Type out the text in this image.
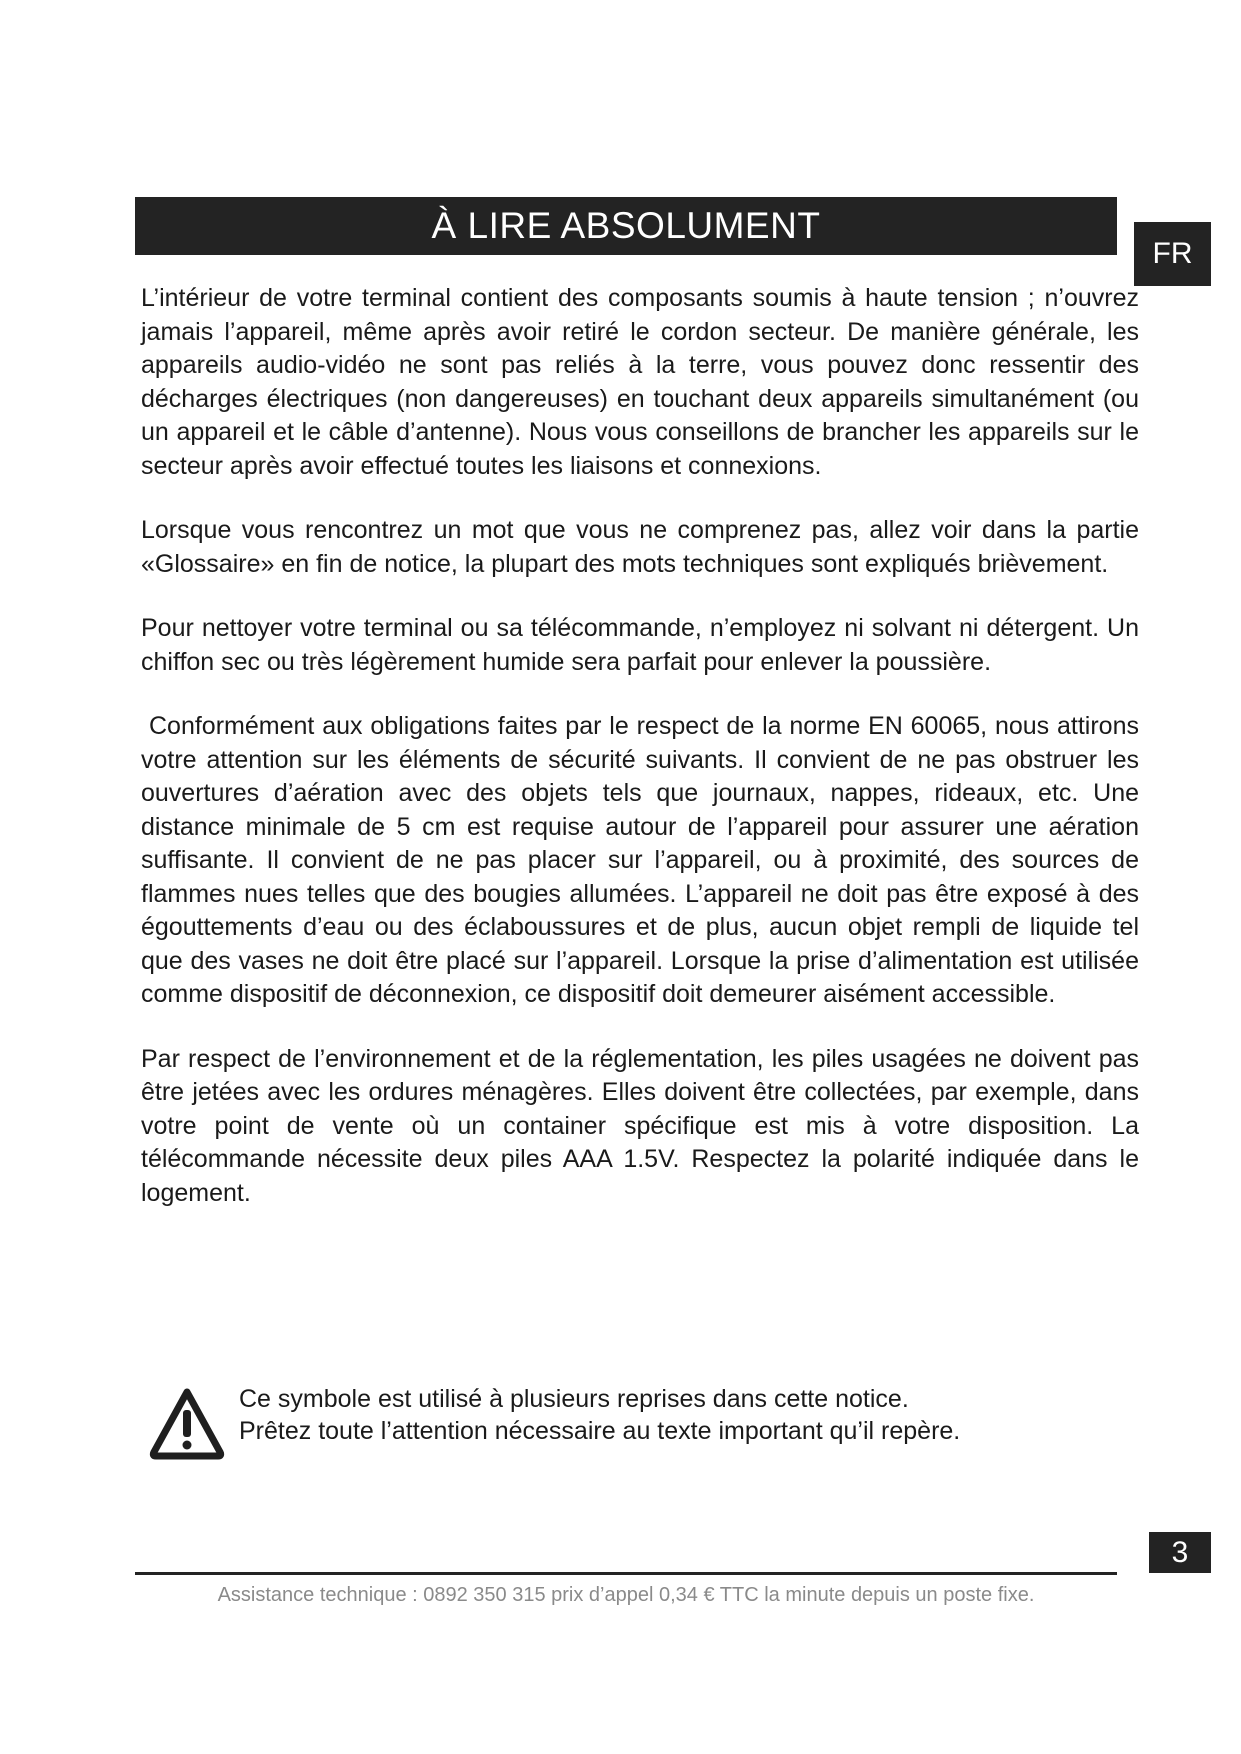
À LIRE ABSOLUMENT
FR

L’intérieur de votre terminal contient des composants soumis à haute tension ; n’ouvrez jamais l’appareil, même après avoir retiré le cordon secteur. De manière générale, les appareils audio-vidéo ne sont pas reliés à la terre, vous pouvez donc ressentir des décharges électriques (non dangereuses) en touchant deux appareils simultanément (ou un appareil et le câble d’antenne). Nous vous conseillons de brancher les appareils sur le secteur après avoir effectué toutes les liaisons et connexions.

Lorsque vous rencontrez un mot que vous ne comprenez pas, allez voir dans la partie «Glossaire» en fin de notice, la plupart des mots techniques sont expliqués brièvement.

Pour nettoyer votre terminal ou sa télécommande, n’employez ni solvant ni détergent. Un chiffon sec ou très légèrement humide sera parfait pour enlever la poussière.

Conformément aux obligations faites par le respect de la norme EN 60065, nous attirons votre attention sur les éléments de sécurité suivants. Il convient de ne pas obstruer les ouvertures d’aération avec des objets tels que journaux, nappes, rideaux, etc. Une distance minimale de 5 cm est requise autour de l’appareil pour assurer une aération suffisante. Il convient de ne pas placer sur l’appareil, ou à proximité, des sources de flammes nues telles que des bougies allumées. L’appareil ne doit pas être exposé à des égouttements d’eau ou des éclaboussures et de plus, aucun objet rempli de liquide tel que des vases ne doit être placé sur l’appareil. Lorsque la prise d’alimentation est utilisée comme dispositif de déconnexion, ce dispositif doit demeurer aisément accessible.

Par respect de l’environnement et de la réglementation, les piles usagées ne doivent pas être jetées avec les ordures ménagères. Elles doivent être collectées, par exemple, dans votre point de vente où un container spécifique est mis à votre disposition. La télécommande nécessite deux piles AAA 1.5V. Respectez la polarité indiquée dans le logement.

Ce symbole est utilisé à plusieurs reprises dans cette notice.
Prêtez toute l’attention nécessaire au texte important qu’il repère.
3
Assistance technique : 0892 350 315 prix d’appel 0,34 € TTC la minute depuis un poste fixe.
